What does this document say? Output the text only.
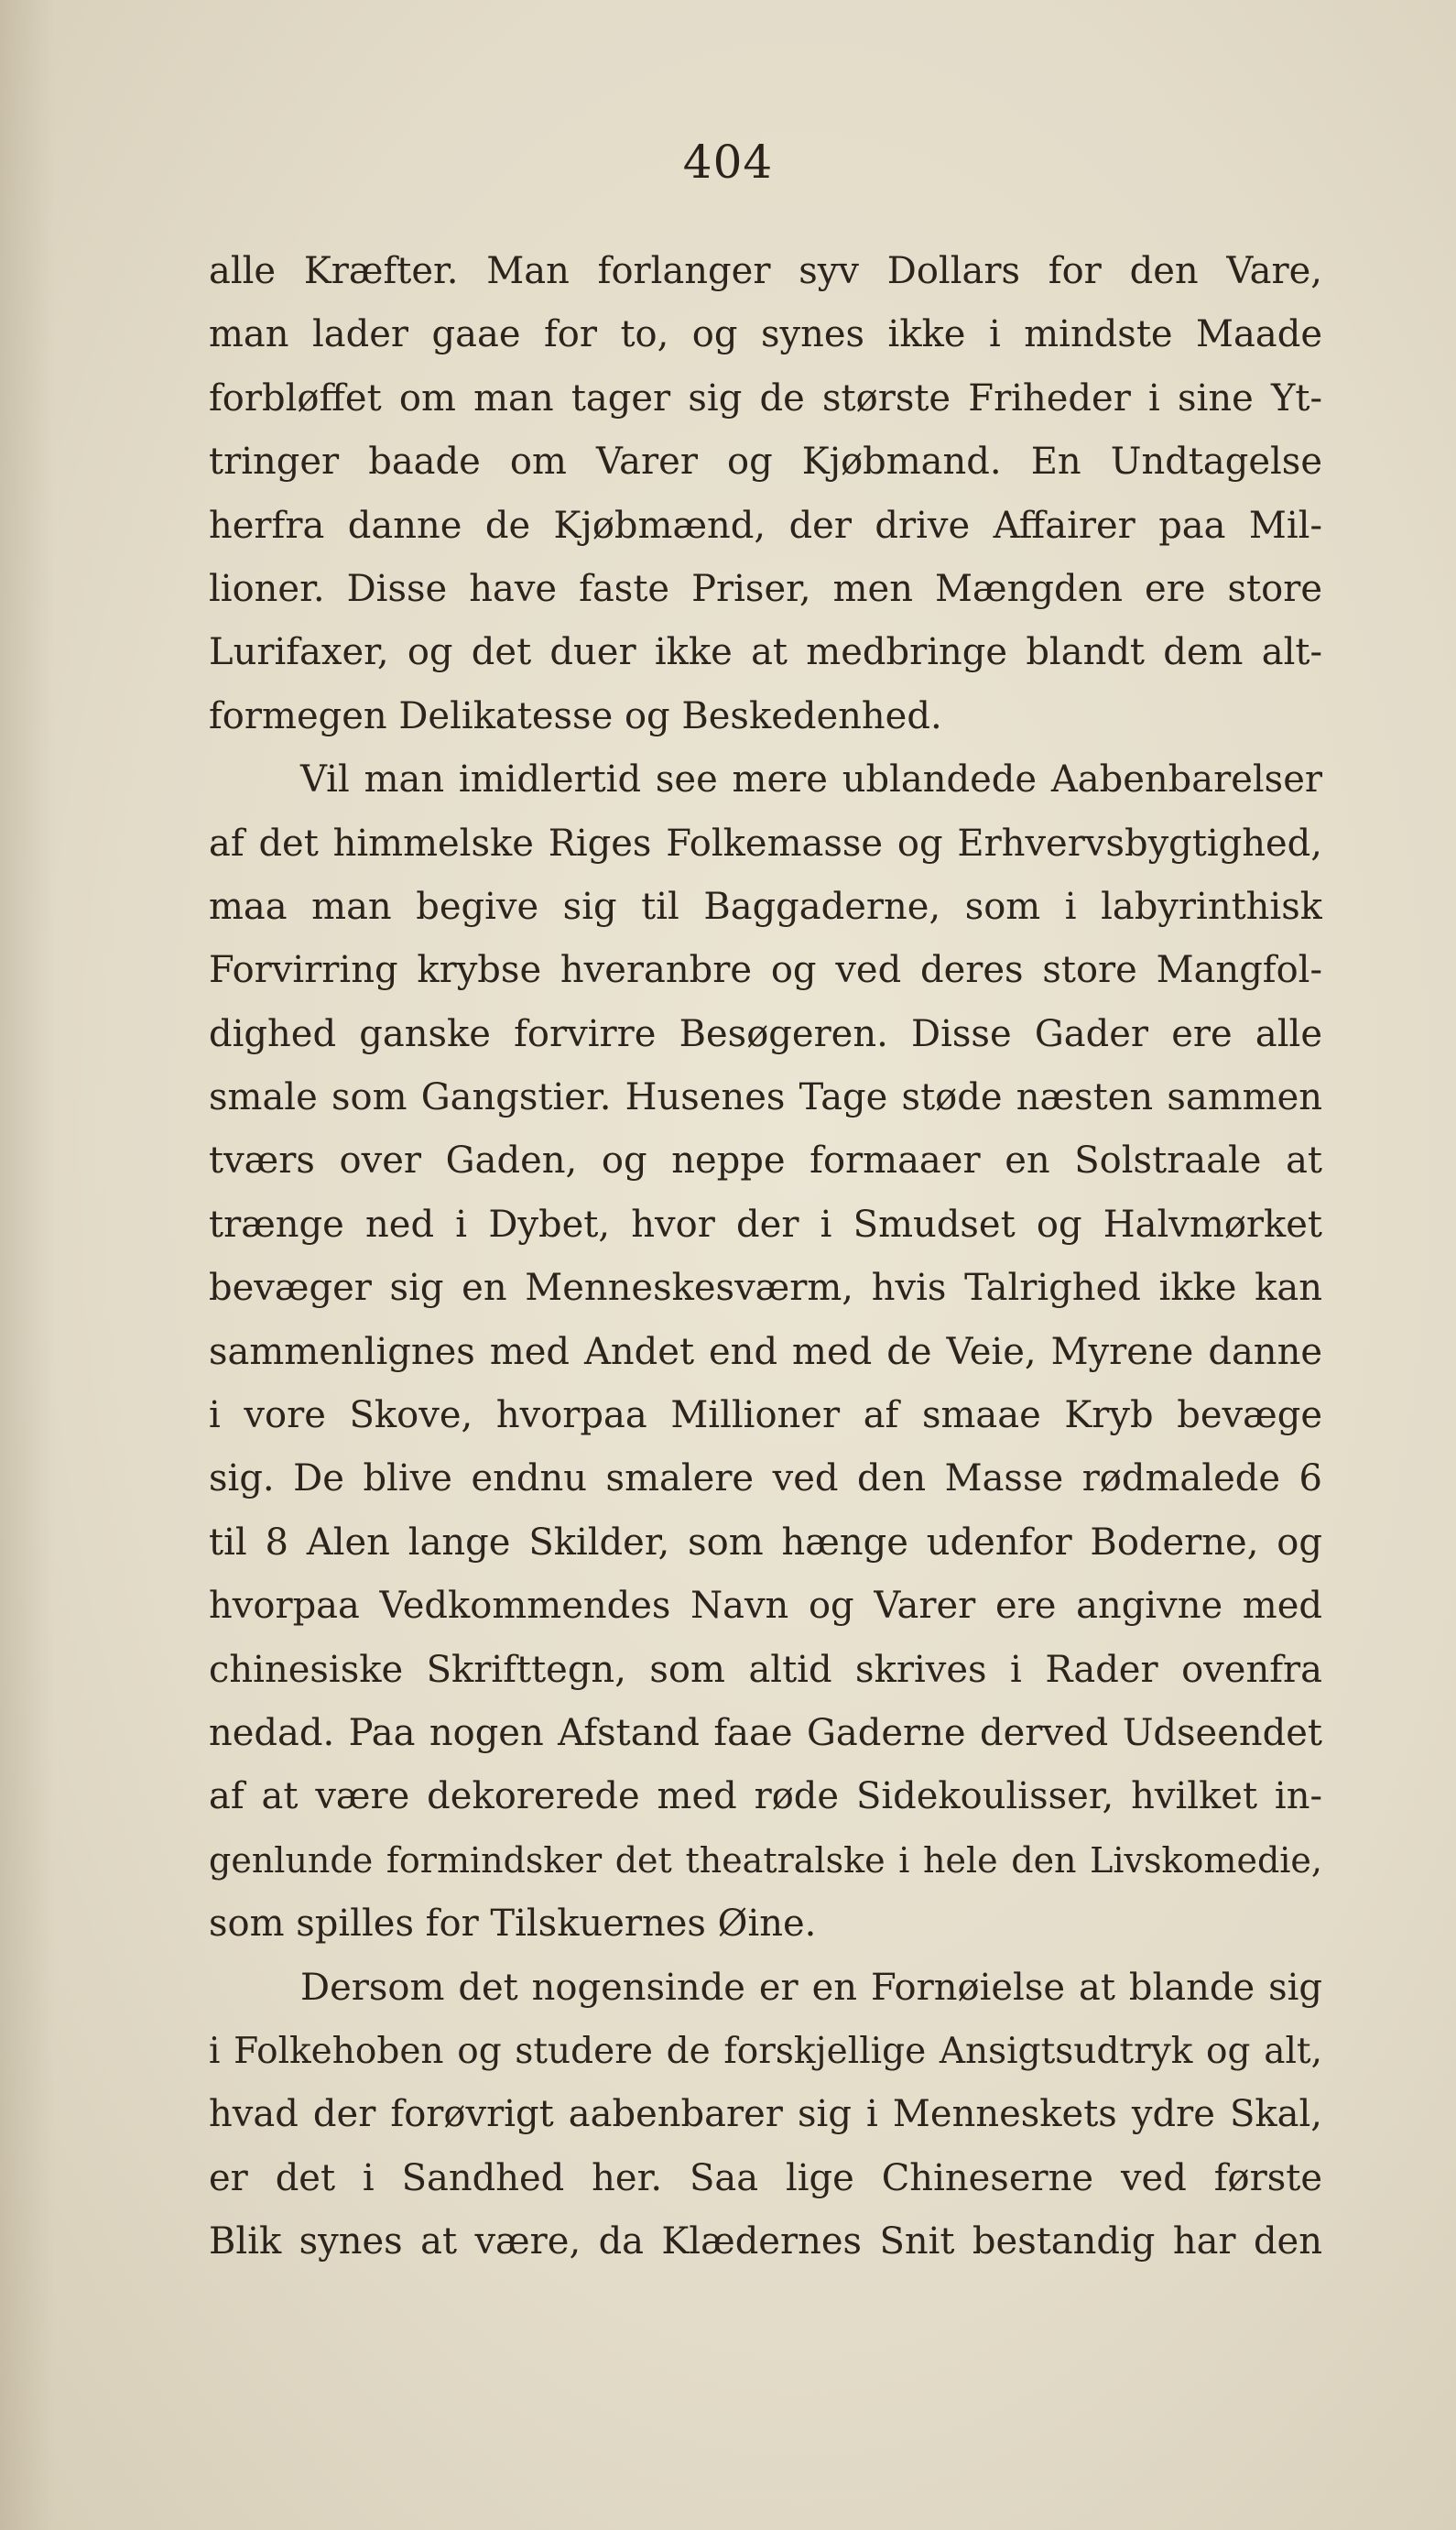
404
alle Kræfter. Man forlanger syv Dollars for den Vare,
man lader gaae for to, og synes ikke i mindste Maade
forbløffet om man tager sig de største Friheder i sine Yt-
tringer baade om Varer og Kjøbmand. En Undtagelse
herfra danne de Kjøbmænd, der drive Affairer paa Mil-
lioner. Disse have faste Priser, men Mængden ere store
Lurifaxer, og det duer ikke at medbringe blandt dem alt-
formegen Delikatesse og Beskedenhed.
Vil man imidlertid see mere ublandede Aabenbarelser
af det himmelske Riges Folkemasse og Erhvervsbygtighed,
maa man begive sig til Baggaderne, som i labyrinthisk
Forvirring krybse hveranbre og ved deres store Mangfol-
dighed ganske forvirre Besøgeren. Disse Gader ere alle
smale som Gangstier. Husenes Tage støde næsten sammen
tværs over Gaden, og neppe formaaer en Solstraale at
trænge ned i Dybet, hvor der i Smudset og Halvmørket
bevæger sig en Menneskesværm, hvis Talrighed ikke kan
sammenlignes med Andet end med de Veie, Myrene danne
i vore Skove, hvorpaa Millioner af smaae Kryb bevæge
sig. De blive endnu smalere ved den Masse rødmalede 6
til 8 Alen lange Skilder, som hænge udenfor Boderne, og
hvorpaa Vedkommendes Navn og Varer ere angivne med
chinesiske Skrifttegn, som altid skrives i Rader ovenfra
nedad. Paa nogen Afstand faae Gaderne derved Udseendet
af at være dekorerede med røde Sidekoulisser, hvilket in-
genlunde formindsker det theatralske i hele den Livskomedie,
som spilles for Tilskuernes Øine.
Dersom det nogensinde er en Fornøielse at blande sig
i Folkehoben og studere de forskjellige Ansigtsudtryk og alt,
hvad der forøvrigt aabenbarer sig i Menneskets ydre Skal,
er det i Sandhed her. Saa lige Chineserne ved første
Blik synes at være, da Klædernes Snit bestandig har den
